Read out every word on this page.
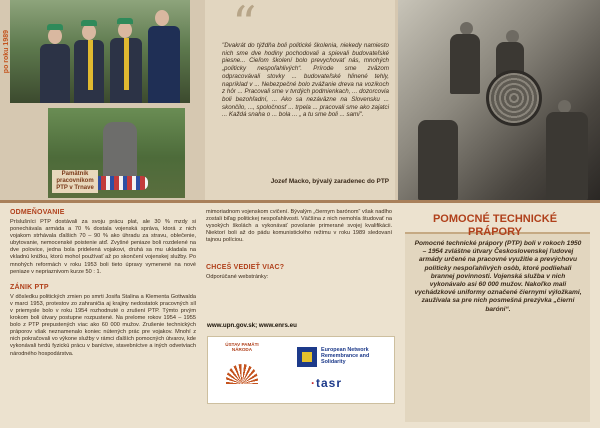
po roku 1989
Pamätník pracovníkom PTP v Trnave
“

"Dvakrát do týždňa boli politické školenia, niekedy namiesto nich sme dve hodiny pochodovali a spievali budovateľské piesne... Cieľom školení bolo prevychovať nás, mnohých „politicky nespoľahlivých“. Prírode sme zväzom odpracovávali stovky ... budovateľské hlinené tehly, napríklad v ... Nebezpečné bolo zvážanie dreva na vozíkoch z hôr ... Pracovali sme v tvrdých podmienkach, ... dozorcovia boli bezohľadní, ... Ako sa nezáväzne na Slovensku ... skončilo, ..., spoločnosť ... trpela ... pracovali sme ako zajatci ... Každá snaha o ... bola ... „ a tu sme boli ... sami".

Jozef Macko, bývalý zaradenec do PTP

ODMEŇOVANIE

Príslušníci PTP dostávali za svoju prácu plat, ale 30 % mzdy si ponechávala armáda a 70 % dostala vojenská správa, ktorá z nich vojakom strhávala ďalšich 70 – 90 % ako úhradu za stravu, oblečenie, ubytovanie, nemocenské poistenie atď. Zvyšné peniaze boli rozdelené na dve polovice, jedna bola pridelená vojakovi, druhá sa mu ukladala na vkladnú knižku, ktorú mohol používať až po skončení vojenskej služby. Po mnohých reformách v roku 1953 boli tieto úpravy vymenené na nové peniaze v nepriaznivom kurze 50 : 1.

ZÁNIK PTP

V dôsledku politických zmien po smrti Josifa Stalina a Klementa Gottwalda v marci 1953, protestov zo zahraničia aj krajiny nedostatok pracovných síl v priemysle bolo v roku 1954 rozhodnuté o zrušení PTP. Týmto prvým krokom boli útvary postupne rozpustené. Na prelome rokov 1954 – 1955 bolo z PTP prepustených viac ako 60 000 mužov. Zrušenie technických práporov však neznamenalo koniec nútených prác pre vojakov. Mnohí z nich pokračovali vo výkone služby v rámci ďalších pomocných útvarov, kde vykonávali tvrdú fyzickú prácu v baníctve, stavebníctve a iných odvetviach národného hospodárstva.

mimoriadnom vojenskom cvičení. Bývalým „čiernym barónom“ však nadlho zostali biľag politickej nespoľahlivosti. Väčšina z nich nemohla študovať na vysokých školách a vykonávať povolanie primerané svojej kvalifikácii. Niektorí boli až do pádu komunistického režimu v roku 1989 sledovaní tajnou políciou.

CHCEŠ VEDIEŤ VIAC?

Odporúčané webstránky:

www.upn.gov.sk; www.enrs.eu
ÚSTAV PAMÄTI NÁRODA	European Network Remembrance and Solidarity
·tasr
POMOCNÉ TECHNICKÉ PRÁPORY

Pomocné technické prápory (PTP) boli v rokoch 1950 – 1954 zvláštne útvary Československej ľudovej armády určené na pracovné využitie a prevýchovu politicky nespoľahlivých osôb, ktoré podliehali brannej povinnosti. Vojenská služba v nich vykonávalo asi 60 000 mužov. Nakoľko mali vychádzkové uniformy označené čiernymi výložkami, zaužívala sa pre nich posmešná prezývka „čierni baróni“.
